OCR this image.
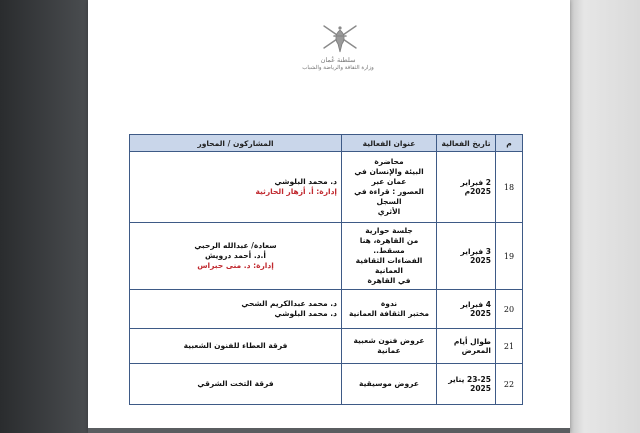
سلطنة عُمان
وزارة الثقافة والرياضة والشباب
م	تاريخ الفعالية	عنوان الفعالية	المشاركون / المحاور
18	2 فبراير 2025م	محاضرة
البيئة والإنسان في عمان عبر
العصور : قراءة في السجل
الأثري	د. محمد البلوشي
إدارة: أ. أزهار الحارثية

19	3 فبراير 2025	جلسة حوارية
من القاهرة، هنا مسقط..
الفضاءات الثقافية العمانية
في القاهرة	سعادة/ عبدالله الرحبي
أ.د. أحمد درويش
إدارة: د. منى حبراس

20	4 فبراير 2025	ندوة
مختبر الثقافة العمانية	د. محمد عبدالكريم الشحي
د. محمد البلوشي

21	طوال أيام المعرض	عروض فنون شعبية عمانية	فرقة العطاء للفنون الشعبية

22	23-25 يناير 2025	عروض موسيقية	فرقة التخت الشرقي
